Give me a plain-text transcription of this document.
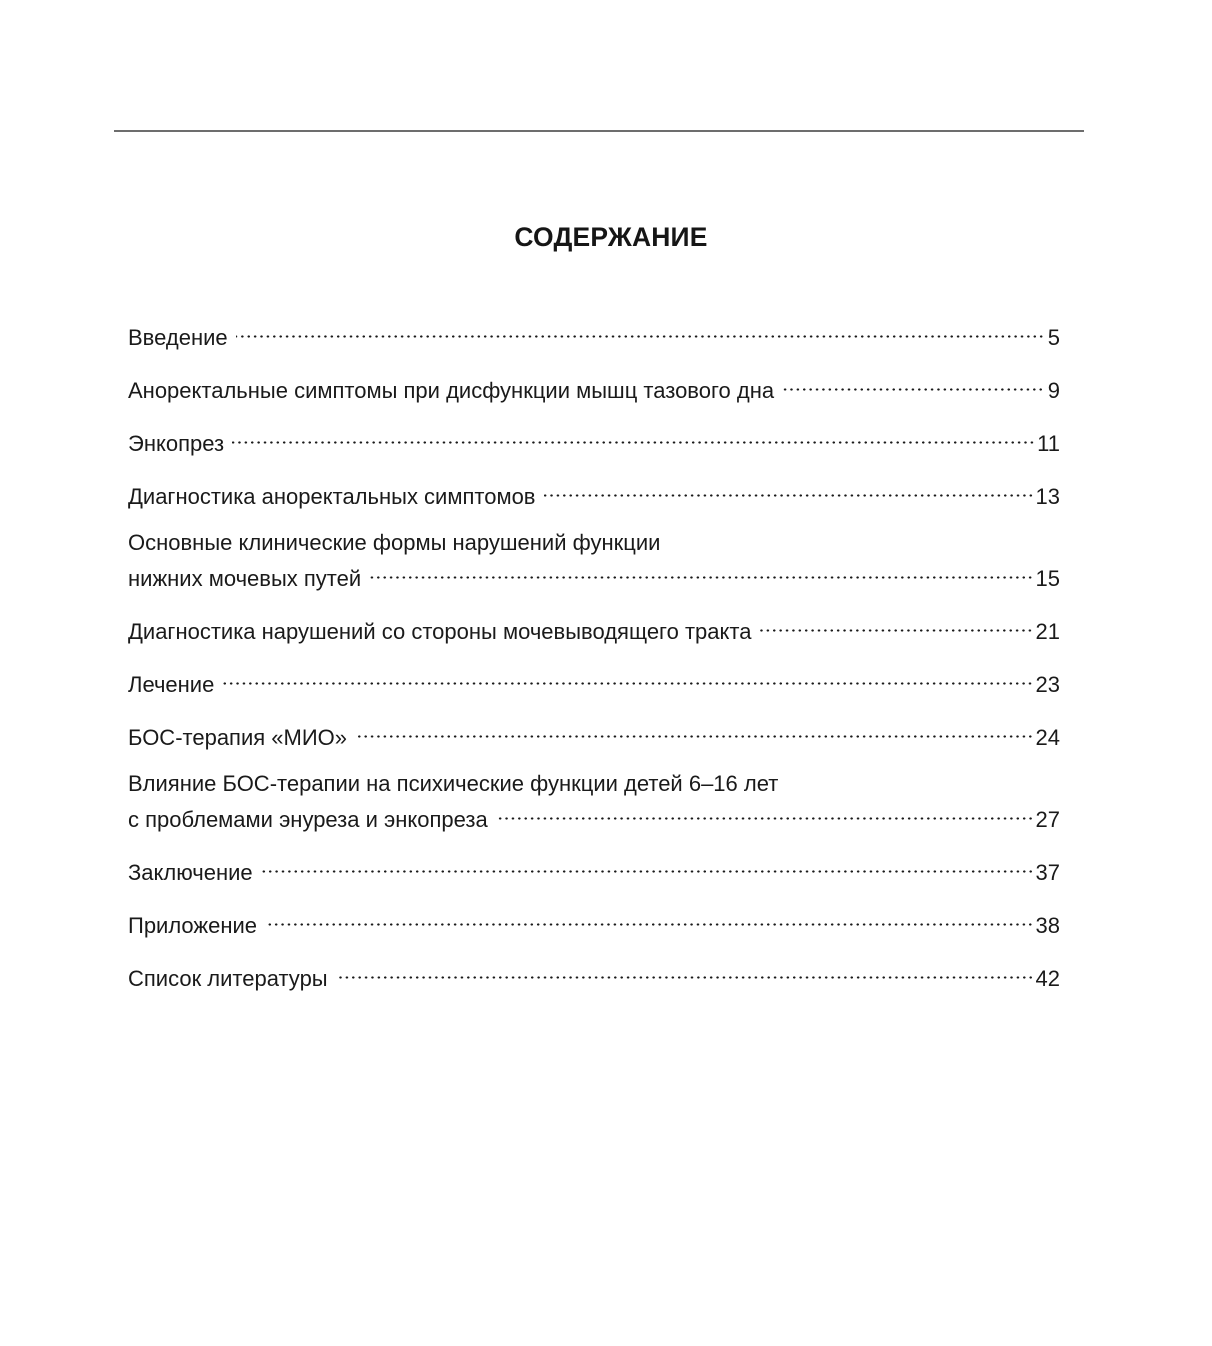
СОДЕРЖАНИЕ
Введение	5
Аноректальные симптомы при дисфункции мышц тазового дна	9
Энкопрез	11
Диагностика аноректальных симптомов	13
Основные клинические формы нарушений функции
нижних мочевых путей	15
Диагностика нарушений со стороны мочевыводящего тракта	21
Лечение	23
БОС-терапия «МИО»	24
Влияние БОС-терапии на психические функции детей 6–16 лет
с проблемами энуреза и энкопреза	27
Заключение	37
Приложение	38
Список литературы	42
